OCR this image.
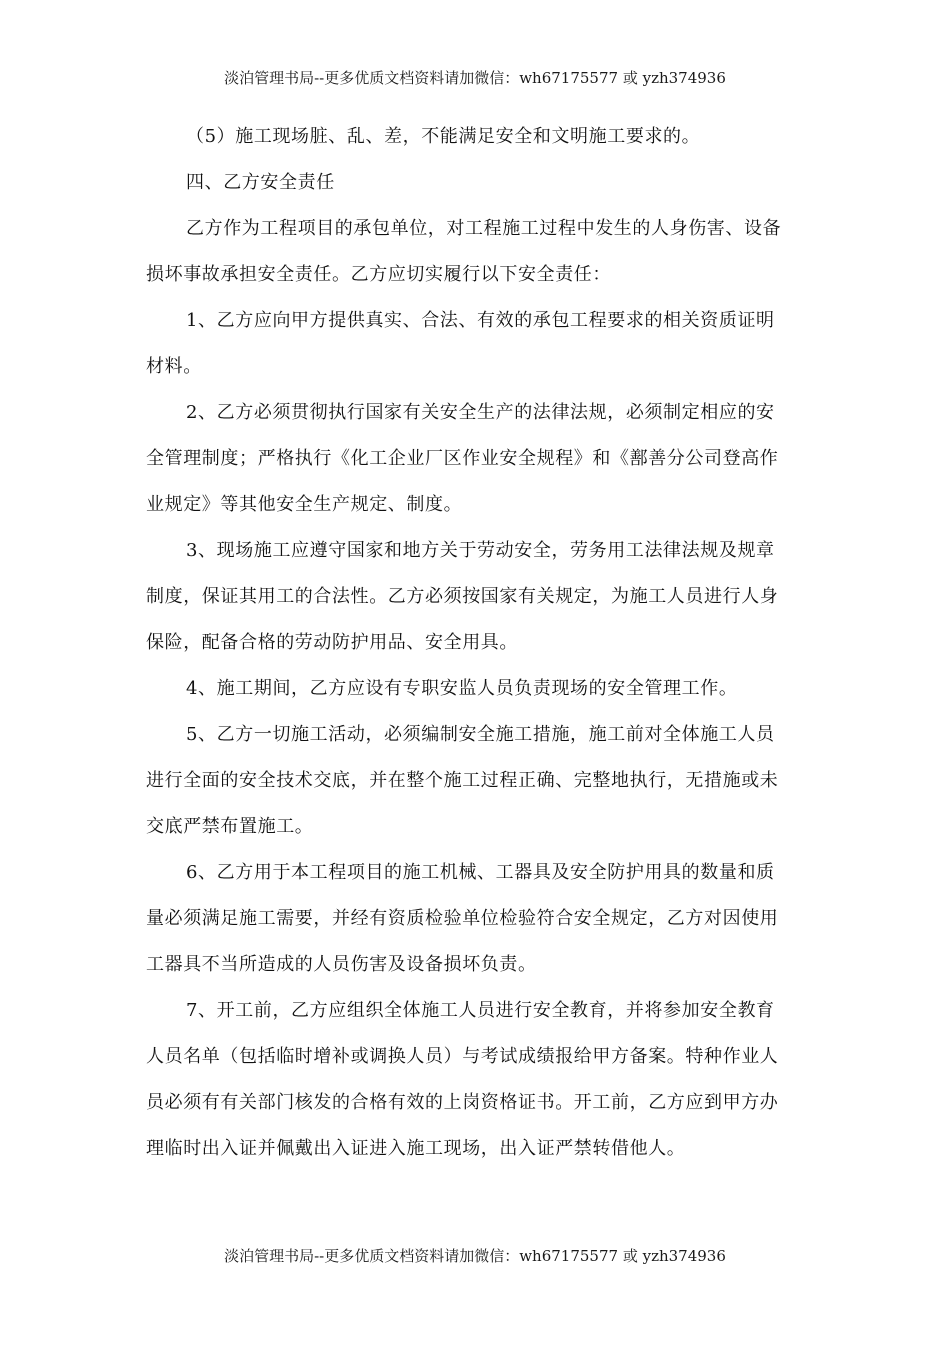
淡泊管理书局--更多优质文档资料请加微信：wh67175577 或 yzh374936
（5）施工现场脏、乱、差，不能满足安全和文明施工要求的。
四、乙方安全责任
乙方作为工程项目的承包单位，对工程施工过程中发生的人身伤害、设备
损坏事故承担安全责任。乙方应切实履行以下安全责任：
1、乙方应向甲方提供真实、合法、有效的承包工程要求的相关资质证明
材料。
2、乙方必须贯彻执行国家有关安全生产的法律法规，必须制定相应的安
全管理制度；严格执行《化工企业厂区作业安全规程》和《鄯善分公司登高作
业规定》等其他安全生产规定、制度。
3、现场施工应遵守国家和地方关于劳动安全，劳务用工法律法规及规章
制度，保证其用工的合法性。乙方必须按国家有关规定，为施工人员进行人身
保险，配备合格的劳动防护用品、安全用具。
4、施工期间，乙方应设有专职安监人员负责现场的安全管理工作。
5、乙方一切施工活动，必须编制安全施工措施，施工前对全体施工人员
进行全面的安全技术交底，并在整个施工过程正确、完整地执行，无措施或未
交底严禁布置施工。
6、乙方用于本工程项目的施工机械、工器具及安全防护用具的数量和质
量必须满足施工需要，并经有资质检验单位检验符合安全规定，乙方对因使用
工器具不当所造成的人员伤害及设备损坏负责。
7、开工前，乙方应组织全体施工人员进行安全教育，并将参加安全教育
人员名单（包括临时增补或调换人员）与考试成绩报给甲方备案。特种作业人
员必须有有关部门核发的合格有效的上岗资格证书。开工前，乙方应到甲方办
理临时出入证并佩戴出入证进入施工现场，出入证严禁转借他人。
淡泊管理书局--更多优质文档资料请加微信：wh67175577 或 yzh374936
